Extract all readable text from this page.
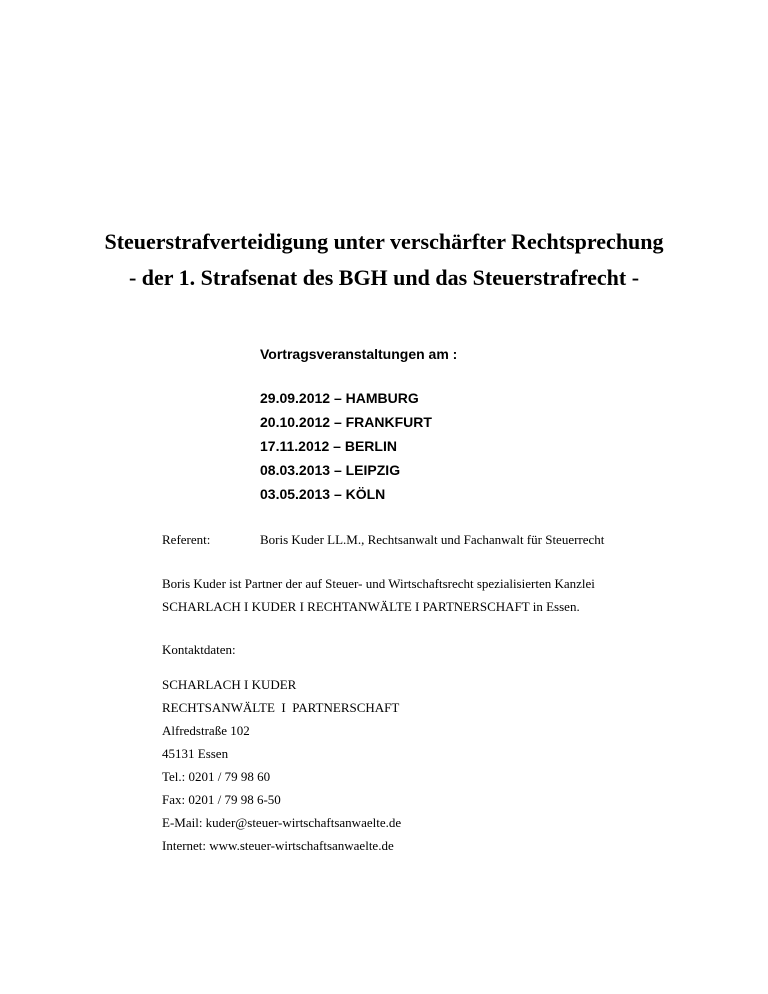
Steuerstrafverteidigung unter verschärfter Rechtsprechung
- der 1. Strafsenat des BGH und das Steuerstrafrecht -
Vortragsveranstaltungen am :
29.09.2012 – HAMBURG
20.10.2012 – FRANKFURT
17.11.2012 – BERLIN
08.03.2013 – LEIPZIG
03.05.2013 – KÖLN
Referent:	Boris Kuder LL.M., Rechtsanwalt und Fachanwalt für Steuerrecht
Boris Kuder ist Partner der auf Steuer- und Wirtschaftsrecht spezialisierten Kanzlei
SCHARLACH I KUDER I RECHTANWÄLTE I PARTNERSCHAFT in Essen.
Kontaktdaten:
SCHARLACH I KUDER
RECHTSANWÄLTE  I  PARTNERSCHAFT
Alfredstraße 102
45131 Essen
Tel.: 0201 / 79 98 60
Fax: 0201 / 79 98 6-50
E-Mail: kuder@steuer-wirtschaftsanwaelte.de
Internet: www.steuer-wirtschaftsanwaelte.de
